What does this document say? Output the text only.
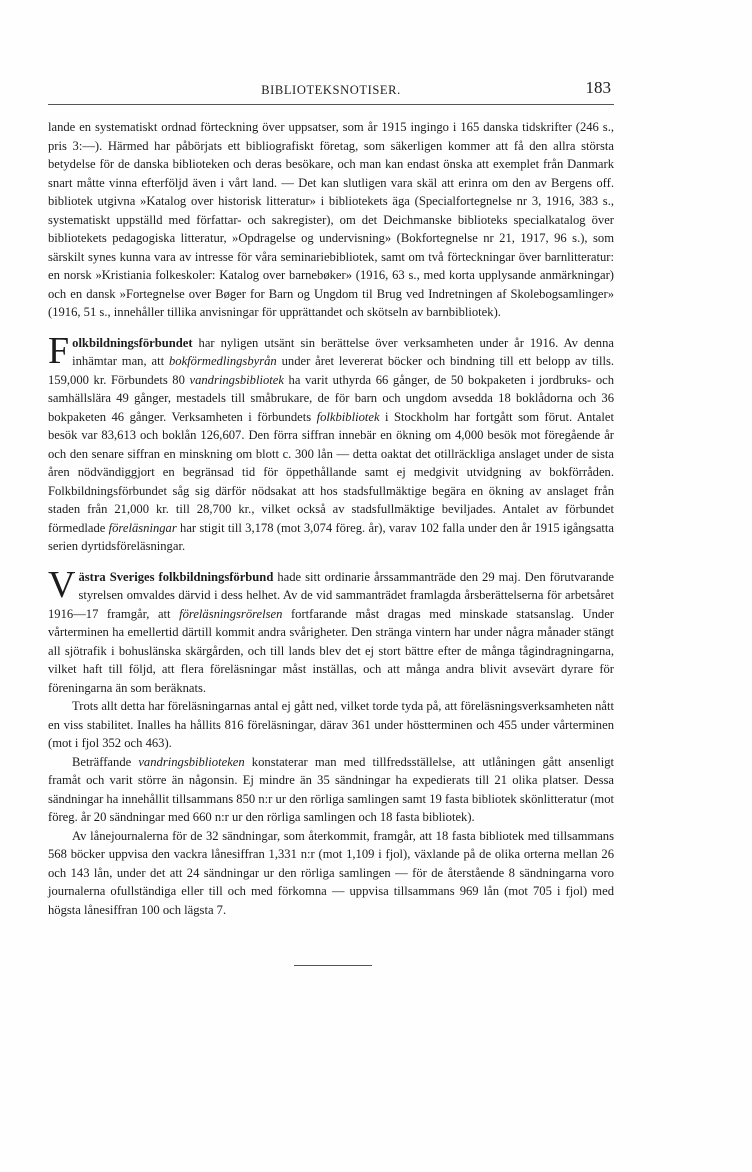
BIBLIOTEKSNOTISER.	183

lande en systematiskt ordnad förteckning över uppsatser, som år 1915 ingingo i 165 danska tidskrifter (246 s., pris 3:—). Härmed har påbörjats ett bibliografiskt företag, som säkerligen kommer att få den allra största betydelse för de danska biblioteken och deras besökare, och man kan endast önska att exemplet från Danmark snart måtte vinna efterföljd även i vårt land. — Det kan slutligen vara skäl att erinra om den av Bergens off. bibliotek utgivna »Katalog over historisk litteratur» i bibliotekets äga (Specialfortegnelse nr 3, 1916, 383 s., systematiskt uppställd med författar- och sakregister), om det Deichmanske biblioteks specialkatalog över bibliotekets pedagogiska litteratur, »Opdragelse og undervisning» (Bokfortegnelse nr 21, 1917, 96 s.), som särskilt synes kunna vara av intresse för våra seminariebibliotek, samt om två förteckningar över barnlitteratur: en norsk »Kristiania folkeskoler: Katalog over barnebøker» (1916, 63 s., med korta upplysande anmärkningar) och en dansk »Fortegnelse over Bøger for Barn og Ungdom til Brug ved Indretningen af Skolebogsamlinger» (1916, 51 s., innehåller tillika anvisningar för upprättandet och skötseln av barnbibliotek).

Folkbildningsförbundet har nyligen utsänt sin berättelse över verksamheten under år 1916. Av denna inhämtar man, att bokförmedlingsbyrån under året levererat böcker och bindning till ett belopp av tills. 159,000 kr. Förbundets 80 vandringsbibliotek ha varit uthyrda 66 gånger, de 50 bokpaketen i jordbruks- och samhällslära 49 gånger, mestadels till småbrukare, de för barn och ungdom avsedda 18 boklådorna och 36 bokpaketen 46 gånger. Verksamheten i förbundets folkbibliotek i Stockholm har fortgått som förut. Antalet besök var 83,613 och boklån 126,607. Den förra siffran innebär en ökning om 4,000 besök mot föregående år och den senare siffran en minskning om blott c. 300 lån — detta oaktat det otillräckliga anslaget under de sista åren nödvändiggjort en begränsad tid för öppethållande samt ej medgivit utvidgning av bokförråden. Folkbildningsförbundet såg sig därför nödsakat att hos stadsfullmäktige begära en ökning av anslaget från staden från 21,000 kr. till 28,700 kr., vilket också av stadsfullmäktige beviljades. Antalet av förbundet förmedlade föreläsningar har stigit till 3,178 (mot 3,074 föreg. år), varav 102 falla under den år 1915 igångsatta serien dyrtidsföreläsningar.

Västra Sveriges folkbildningsförbund hade sitt ordinarie årssammanträde den 29 maj. Den förutvarande styrelsen omvaldes därvid i dess helhet. Av de vid sammanträdet framlagda årsberättelserna för arbetsåret 1916—17 framgår, att föreläsningsrörelsen fortfarande måst dragas med minskade statsanslag. Under vårterminen ha emellertid därtill kommit andra svårigheter. Den stränga vintern har under några månader stängt all sjötrafik i bohuslänska skärgården, och till lands blev det ej stort bättre efter de många tågindragningarna, vilket haft till följd, att flera föreläsningar måst inställas, och att många andra blivit avsevärt dyrare för föreningarna än som beräknats.

Trots allt detta har föreläsningarnas antal ej gått ned, vilket torde tyda på, att föreläsningsverksamheten nått en viss stabilitet. Inalles ha hållits 816 föreläsningar, därav 361 under höstterminen och 455 under vårterminen (mot i fjol 352 och 463).

Beträffande vandringsbiblioteken konstaterar man med tillfredsställelse, att utlåningen gått ansenligt framåt och varit större än någonsin. Ej mindre än 35 sändningar ha expedierats till 21 olika platser. Dessa sändningar ha innehållit tillsammans 850 n:r ur den rörliga samlingen samt 19 fasta bibliotek skönlitteratur (mot föreg. år 20 sändningar med 660 n:r ur den rörliga samlingen och 18 fasta bibliotek).

Av lånejournalerna för de 32 sändningar, som återkommit, framgår, att 18 fasta bibliotek med tillsammans 568 böcker uppvisa den vackra lånesiffran 1,331 n:r (mot 1,109 i fjol), växlande på de olika orterna mellan 26 och 143 lån, under det att 24 sändningar ur den rörliga samlingen — för de återstående 8 sändningarna voro journalerna ofullständiga eller till och med förkomna — uppvisa tillsammans 969 lån (mot 705 i fjol) med högsta lånesiffran 100 och lägsta 7.
